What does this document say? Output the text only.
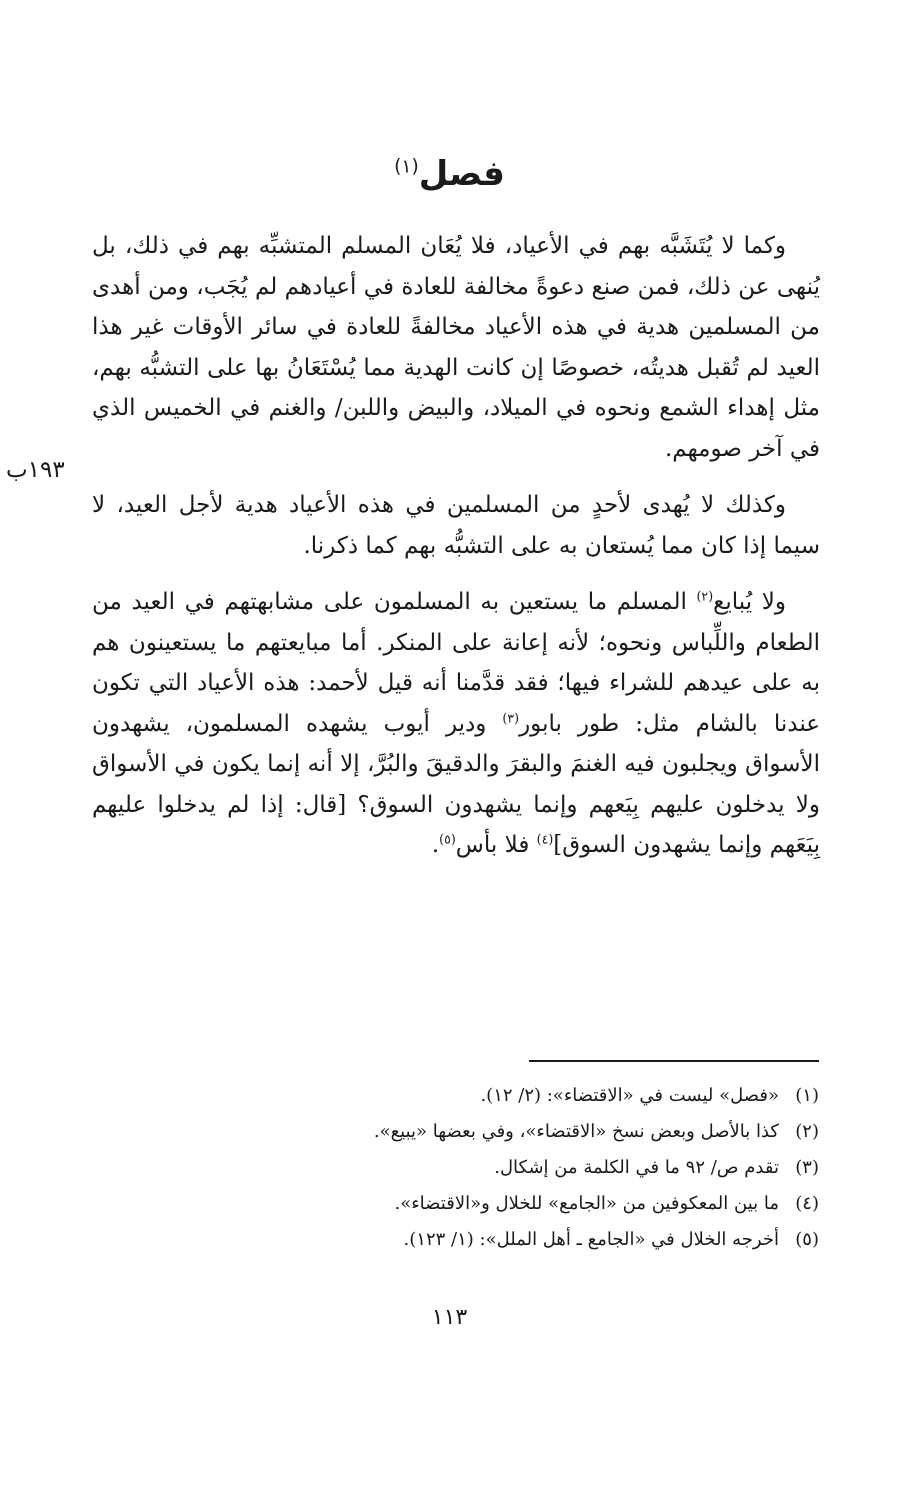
فصل$^{(١)}$
١٩٣ب

وكما لا يُتَشَبَّه بهم في الأعياد، فلا يُعَان المسلم المتشبِّه بهم في ذلك، بل يُنهى عن ذلك، فمن صنع دعوةً مخالفة للعادة في أعيادهم لم يُجَب، ومن أهدى من المسلمين هدية في هذه الأعياد مخالفةً للعادة في سائر الأوقات غير هذا العيد لم تُقبل هديتُه، خصوصًا إن كانت الهدية مما يُسْتَعَانُ بها على التشبُّه بهم، مثل إهداء الشمع ونحوه في الميلاد، والبيض واللبن/ والغنم في الخميس الذي في آخر صومهم.

وكذلك لا يُهدى لأحدٍ من المسلمين في هذه الأعياد هدية لأجل العيد، لا سيما إذا كان مما يُستعان به على التشبُّه بهم كما ذكرنا.

ولا يُبايع$^{(٢)}$ المسلم ما يستعين به المسلمون على مشابهتهم في العيد من الطعام واللِّباس ونحوه؛ لأنه إعانة على المنكر. أما مبايعتهم ما يستعينون هم به على عيدهم للشراء فيها؛ فقد قدَّمنا أنه قيل لأحمد: هذه الأعياد التي تكون عندنا بالشام مثل: طور بابور$^{(٣)}$ ودير أيوب يشهده المسلمون، يشهدون الأسواق ويجلبون فيه الغنمَ والبقرَ والدقيقَ والبُرَّ، إلا أنه إنما يكون في الأسواق ولا يدخلون عليهم بِيَعهم وإنما يشهدون السوق؟ [قال: إذا لم يدخلوا عليهم بِيَعَهم وإنما يشهدون السوق]$^{(٤)}$ فلا بأس$^{(٥)}$.

(١)
«فصل» ليست في «الاقتضاء»: (٢/ ١٢).
(٢)
كذا بالأصل وبعض نسخ «الاقتضاء»، وفي بعضها «يبيع».
(٣)
تقدم ص/ ٩٢ ما في الكلمة من إشكال.
(٤)
ما بين المعكوفين من «الجامع» للخلال و«الاقتضاء».
(٥)
أخرجه الخلال في «الجامع ـ أهل الملل»: (١/ ١٢٣).
١١٣
